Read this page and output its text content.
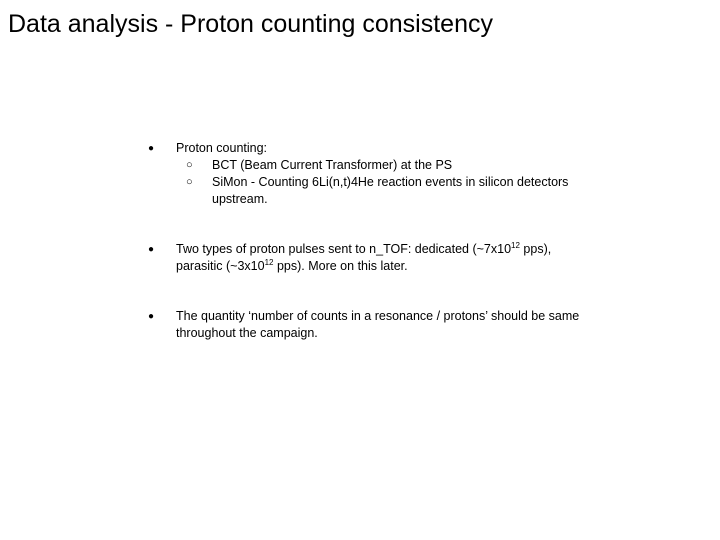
Data analysis - Proton counting consistency
● Proton counting:
○ BCT (Beam Current Transformer) at the PS
○ SiMon - Counting 6Li(n,t)4He reaction events in silicon detectors upstream.
● Two types of proton pulses sent to n_TOF: dedicated ($\sim 7x10^{12}$ pps), parasitic ($\sim 3x10^{12}$ pps). More on this later.
● The quantity ‘number of counts in a resonance / protons’ should be same throughout the campaign.
